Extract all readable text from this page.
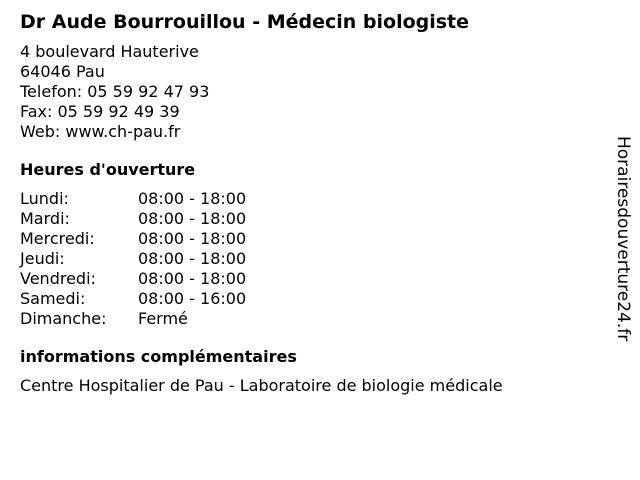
Dr Aude Bourrouillou - Médecin biologiste
4 boulevard Hauterive
64046 Pau
Telefon: 05 59 92 47 93
Fax: 05 59 92 49 39
Web: www.ch-pau.fr
Heures d'ouverture
Lundi:	08:00 - 18:00
Mardi:	08:00 - 18:00
Mercredi:	08:00 - 18:00
Jeudi:	08:00 - 18:00
Vendredi:	08:00 - 18:00
Samedi:	08:00 - 16:00
Dimanche:	Fermé
informations complémentaires
Centre Hospitalier de Pau - Laboratoire de biologie médicale
Horairesdouverture24.fr
